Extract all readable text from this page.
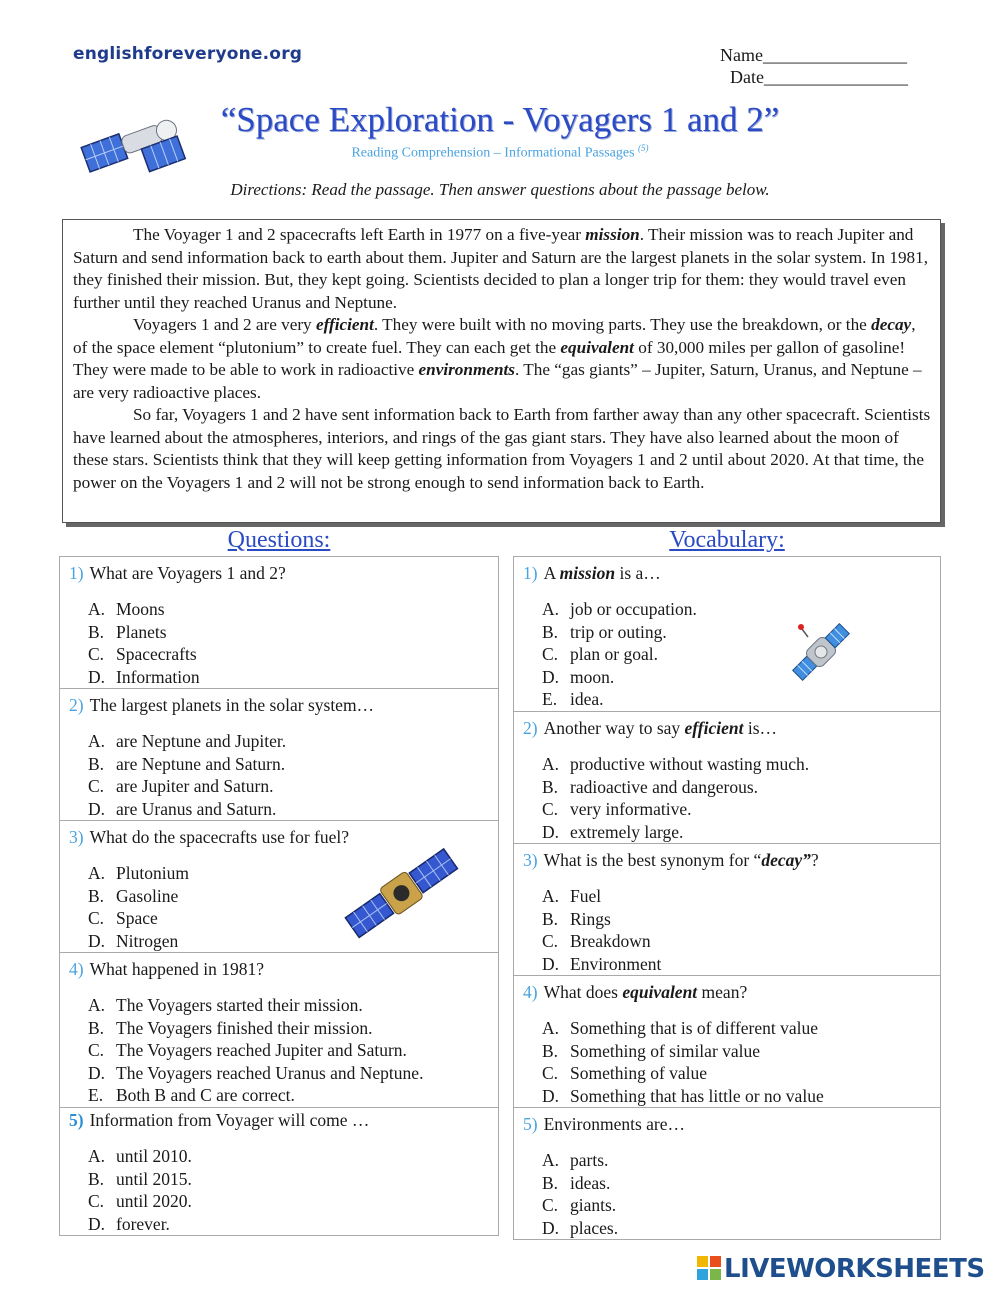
englishforeveryone.org	Name________________
Date________________
“Space Exploration - Voyagers 1 and 2”
Reading Comprehension – Informational Passages $^{(5)}$
Directions: Read the passage. Then answer questions about the passage below.

The Voyager 1 and 2 spacecrafts left Earth in 1977 on a five-year mission. Their mission was to reach Jupiter and Saturn and send information back to earth about them. Jupiter and Saturn are the largest planets in the solar system. In 1981, they finished their mission. But, they kept going. Scientists decided to plan a longer trip for them: they would travel even further until they reached Uranus and Neptune.

Voyagers 1 and 2 are very efficient. They were built with no moving parts. They use the breakdown, or the decay, of the space element “plutonium” to create fuel. They can each get the equivalent of 30,000 miles per gallon of gasoline! They were made to be able to work in radioactive environments. The “gas giants” – Jupiter, Saturn, Uranus, and Neptune – are very radioactive places.

So far, Voyagers 1 and 2 have sent information back to Earth from farther away than any other spacecraft. Scientists have learned about the atmospheres, interiors, and rings of the gas giant stars. They have also learned about the moon of these stars. Scientists think that they will keep getting information from Voyagers 1 and 2 until about 2020. At that time, the power on the Voyagers 1 and 2 will not be strong enough to send information back to Earth.

Questions:	Vocabulary:
1) What are Voyagers 1 and 2?
A. Moons
B. Planets
C. Spacecrafts
D. Information
2) The largest planets in the solar system…
A. are Neptune and Jupiter.
B. are Neptune and Saturn.
C. are Jupiter and Saturn.
D. are Uranus and Saturn.
3) What do the spacecrafts use for fuel?
A. Plutonium
B. Gasoline
C. Space
D. Nitrogen
4) What happened in 1981?
A. The Voyagers started their mission.
B. The Voyagers finished their mission.
C. The Voyagers reached Jupiter and Saturn.
D. The Voyagers reached Uranus and Neptune.
E. Both B and C are correct.
5) Information from Voyager will come …
A. until 2010.
B. until 2015.
C. until 2020.
D. forever.
1) A mission is a…
A. job or occupation.
B. trip or outing.
C. plan or goal.
D. moon.
E. idea.
2) Another way to say efficient is…
A. productive without wasting much.
B. radioactive and dangerous.
C. very informative.
D. extremely large.
3) What is the best synonym for “decay”?
A. Fuel
B. Rings
C. Breakdown
D. Environment
4) What does equivalent mean?
A. Something that is of different value
B. Something of similar value
C. Something of value
D. Something that has little or no value
5) Environments are…
A. parts.
B. ideas.
C. giants.
D. places.
LIVEWORKSHEETS
